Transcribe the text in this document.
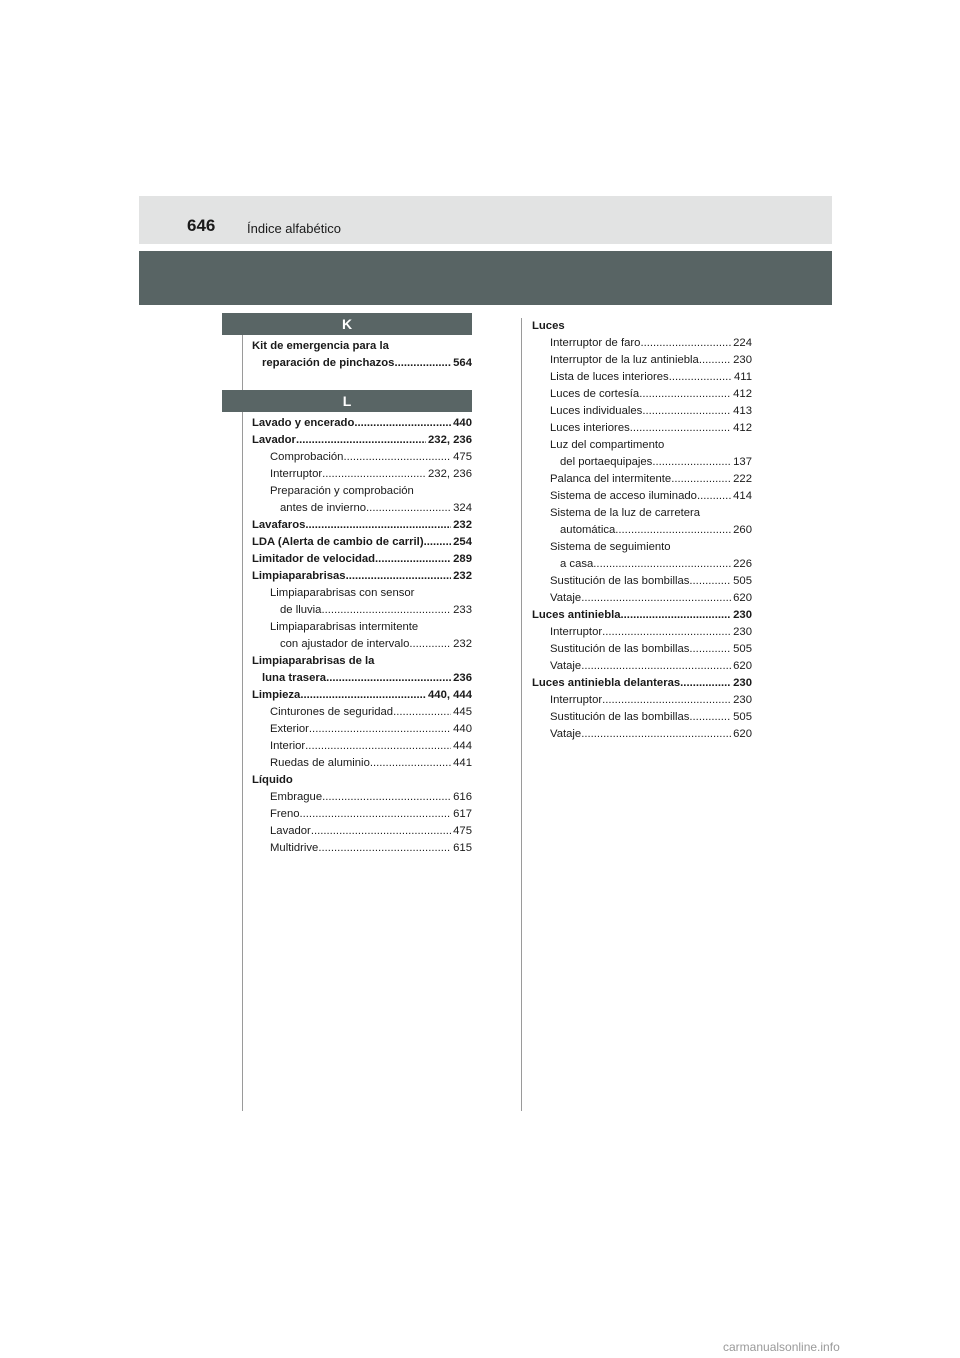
646 Índice alfabético
K
Kit de emergencia para la
reparación de pinchazos .....	564
L
Lavado y encerado .....	440
Lavador .....	232, 236
Comprobación .....	475
Interruptor .....	232, 236
Preparación y comprobación
antes de invierno .....	324
Lavafaros .....	232
LDA (Alerta de cambio de carril) .....	254
Limitador de velocidad .....	289
Limpiaparabrisas .....	232
Limpiaparabrisas con sensor
de lluvia .....	233
Limpiaparabrisas intermitente
con ajustador de intervalo .....	232
Limpiaparabrisas de la
luna trasera .....	236
Limpieza .....	440, 444
Cinturones de seguridad .....	445
Exterior .....	440
Interior .....	444
Ruedas de aluminio .....	441
Líquido
Embrague .....	616
Freno .....	617
Lavador .....	475
Multidrive .....	615
Luces
Interruptor de faro .....	224
Interruptor de la luz antiniebla .....	230
Lista de luces interiores .....	411
Luces de cortesía .....	412
Luces individuales .....	413
Luces interiores .....	412
Luz del compartimento
del portaequipajes .....	137
Palanca del intermitente .....	222
Sistema de acceso iluminado .....	414
Sistema de la luz de carretera
automática .....	260
Sistema de seguimiento
a casa .....	226
Sustitución de las bombillas .....	505
Vataje .....	620
Luces antiniebla .....	230
Interruptor .....	230
Sustitución de las bombillas .....	505
Vataje .....	620
Luces antiniebla delanteras .....	230
Interruptor .....	230
Sustitución de las bombillas .....	505
Vataje .....	620
carmanualsonline.info
